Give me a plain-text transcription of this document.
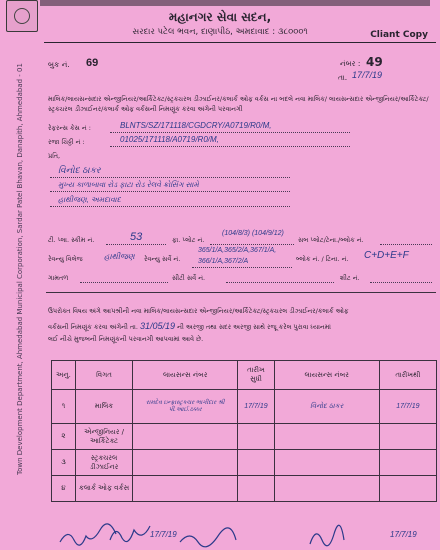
મહાનગર સેવા સદન,
સરદાર પટેલ ભવન, દાણાપીઠ, અમદાવાદ : ૩૮૦૦૦૧	Cliant Copy
બુક નં. 69	નંબર : 49
તા. 17/7/19
માલિક/લાયસન્સદાર એન્જીનિયર/આર્કિટેક્ટ/સ્ટ્રક્ચરલ ડીઝાઈનર/કલાર્ક ઓફ વર્કસ ના બદલે નવા માલિક/ લાયસન્સદાર એન્જીનિયર/આર્કિટેક્ટ/સ્ટ્રક્ચરલ ડીઝાઈનર/કલાર્ક ઓફ વર્કસની નિમણૂંક કરવા અંગેની પરવાનગી
રેફરન્સ કેસ નં :	BLNTS/SZ/171118/CGDCRY/A0719/R0/M,
રજા ચિઠ્ઠી નં :	01025/171118/A0719/R0/M,
પ્રતિ,
વિનોદ ઠાકર
મુખ્ય કાળાબાવા રોડ ફાટા રોડ રેલવે ક્રોસિંગ સામે
હાથીજણ, અમદાવાદ
ટી. પ્લા. સ્કીમ નં.	53	ફા. પ્લોટ નં.
(104/8/3) (104/9/12)
સબ પ્લોટ/ટેના./બ્લોક નં.
રેવન્યુ વિલેજ	હાથીજણ રેવન્યુ સર્વે નં.
365/1/A,365/2/A,367/1/A,
366/1/A,367/2/A	બ્લોક નં. / ટિના. નં. C+D+E+F
ગામતળ	સીટી સર્વે નં.	શીટ નં.
ઉપરોક્ત વિષય અંગે આપશ્રીની નવા માલિક/લાયસન્સદાર એન્જીનિયર/આર્કિટેક્ટ/સ્ટ્રક્ચરલ ડીઝાઈનર/કલાર્ક ઓફ
વર્કસની નિમણૂંક કરવા અંગેની તા. 31/05/19 ની અરજી તથા સદર અરજી સાથે રજૂ કરેલ પુરાવા ધ્યાનમાં
લઈ નીચે મુજબની નિમણૂંકની પરવાનગી આપવામાં આવે છે.
અનુ.	વિગત	લાયસન્સ નંબર	તારીખ સુધી	લાયસન્સ નંબર	તારીખથી
૧	માલિક	રામદેવ ઇન્ફ્રાસ્ટ્રક્ચર ભાગીદાર શ્રી પી.આઈ.ઠક્કર	17/7/19	વિનોદ ઠાકર	17/7/19
૨	એન્જીનિયર / આર્કિટેક્ટ				
૩	સ્ટ્રક્ચરલ ડીઝાઈનર				
૪	કલાર્ક ઓફ વર્કસ				
Town Development Department, Ahmedabad Municipal Corporation, Sardar Patel Bhavan, Danapith, Ahmedabad - 01
17/7/19	17/7/19
